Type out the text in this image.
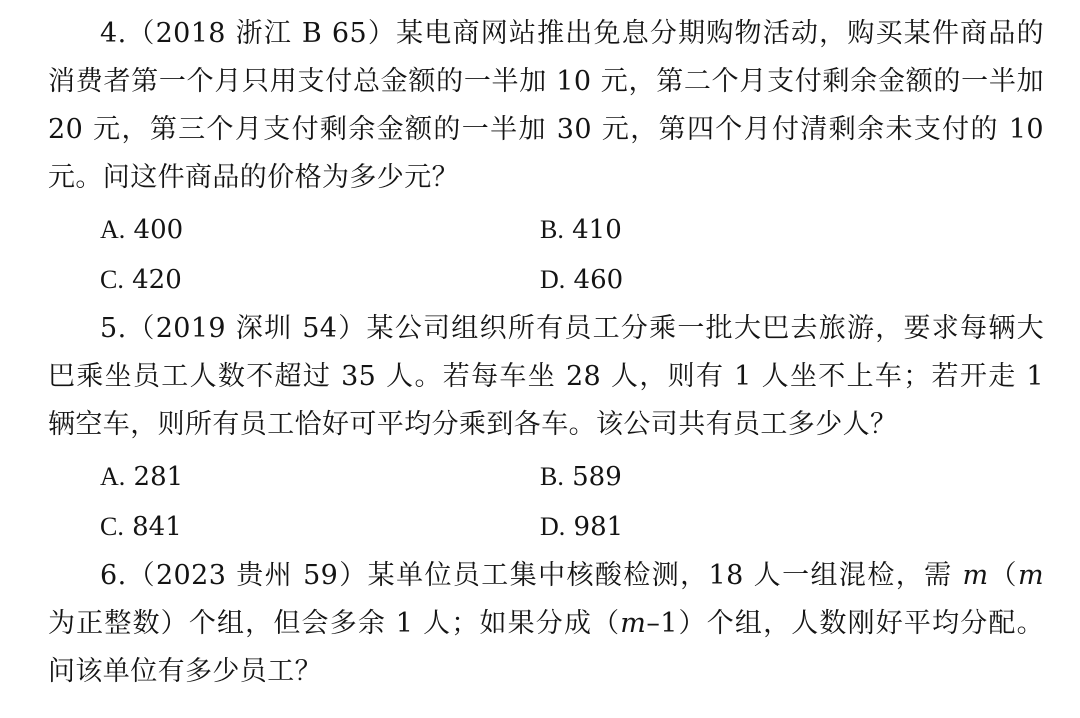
4.（2018 浙江 B 65）某电商网站推出免息分期购物活动，购买某件商品的消费者第一个月只用支付总金额的一半加 10 元，第二个月支付剩余金额的一半加 20 元，第三个月支付剩余金额的一半加 30 元，第四个月付清剩余未支付的 10 元。问这件商品的价格为多少元？

A. 400	B. 410
C. 420	D. 460

5.（2019 深圳 54）某公司组织所有员工分乘一批大巴去旅游，要求每辆大巴乘坐员工人数不超过 35 人。若每车坐 28 人，则有 1 人坐不上车；若开走 1 辆空车，则所有员工恰好可平均分乘到各车。该公司共有员工多少人？

A. 281	B. 589
C. 841	D. 981

6.（2023 贵州 59）某单位员工集中核酸检测，18 人一组混检，需 m（m 为正整数）个组，但会多余 1 人；如果分成（m–1）个组，人数刚好平均分配。问该单位有多少员工？
